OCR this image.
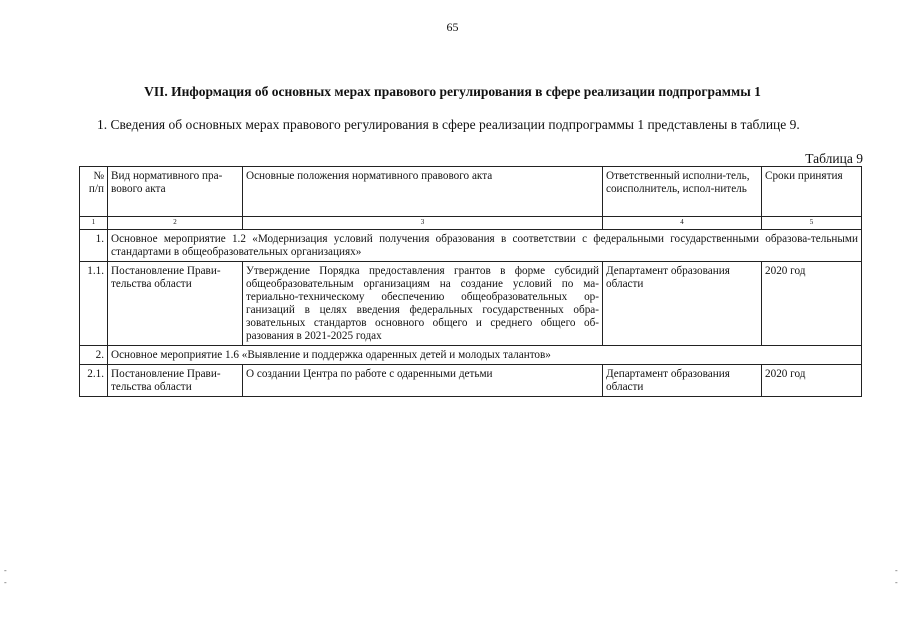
65
VII. Информация об основных мерах правового регулирования в сфере реализации подпрограммы 1
1. Сведения об основных мерах правового регулирования в сфере реализации подпрограммы 1 представлены в таблице 9.
Таблица 9
№ п/п	Вид нормативного пра-вового акта	Основные положения нормативного правового акта	Ответственный исполни-тель, соисполнитель, испол-нитель	Сроки принятия
1	2	3	4	5
1.	Основное мероприятие 1.2 «Модернизация условий получения образования в соответствии с федеральными государственными образова-тельными стандартами в общеобразовательных организациях»			
1.1.	Постановление Прави-тельства области	Утверждение Порядка предоставления грантов в форме субсидий общеобразовательным организациям на создание условий по ма-териально-техническому обеспечению общеобразовательных ор-ганизаций в целях введения федеральных государственных обра-зовательных стандартов основного общего и среднего общего об-разования в 2021-2025 годах	Департамент образования области	2020 год
2.	Основное мероприятие 1.6 «Выявление и поддержка одаренных детей и молодых талантов»			
2.1.	Постановление Прави-тельства области	О создании Центра по работе с одаренными детьми	Департамент образования области	2020 год
-
-
-
-
